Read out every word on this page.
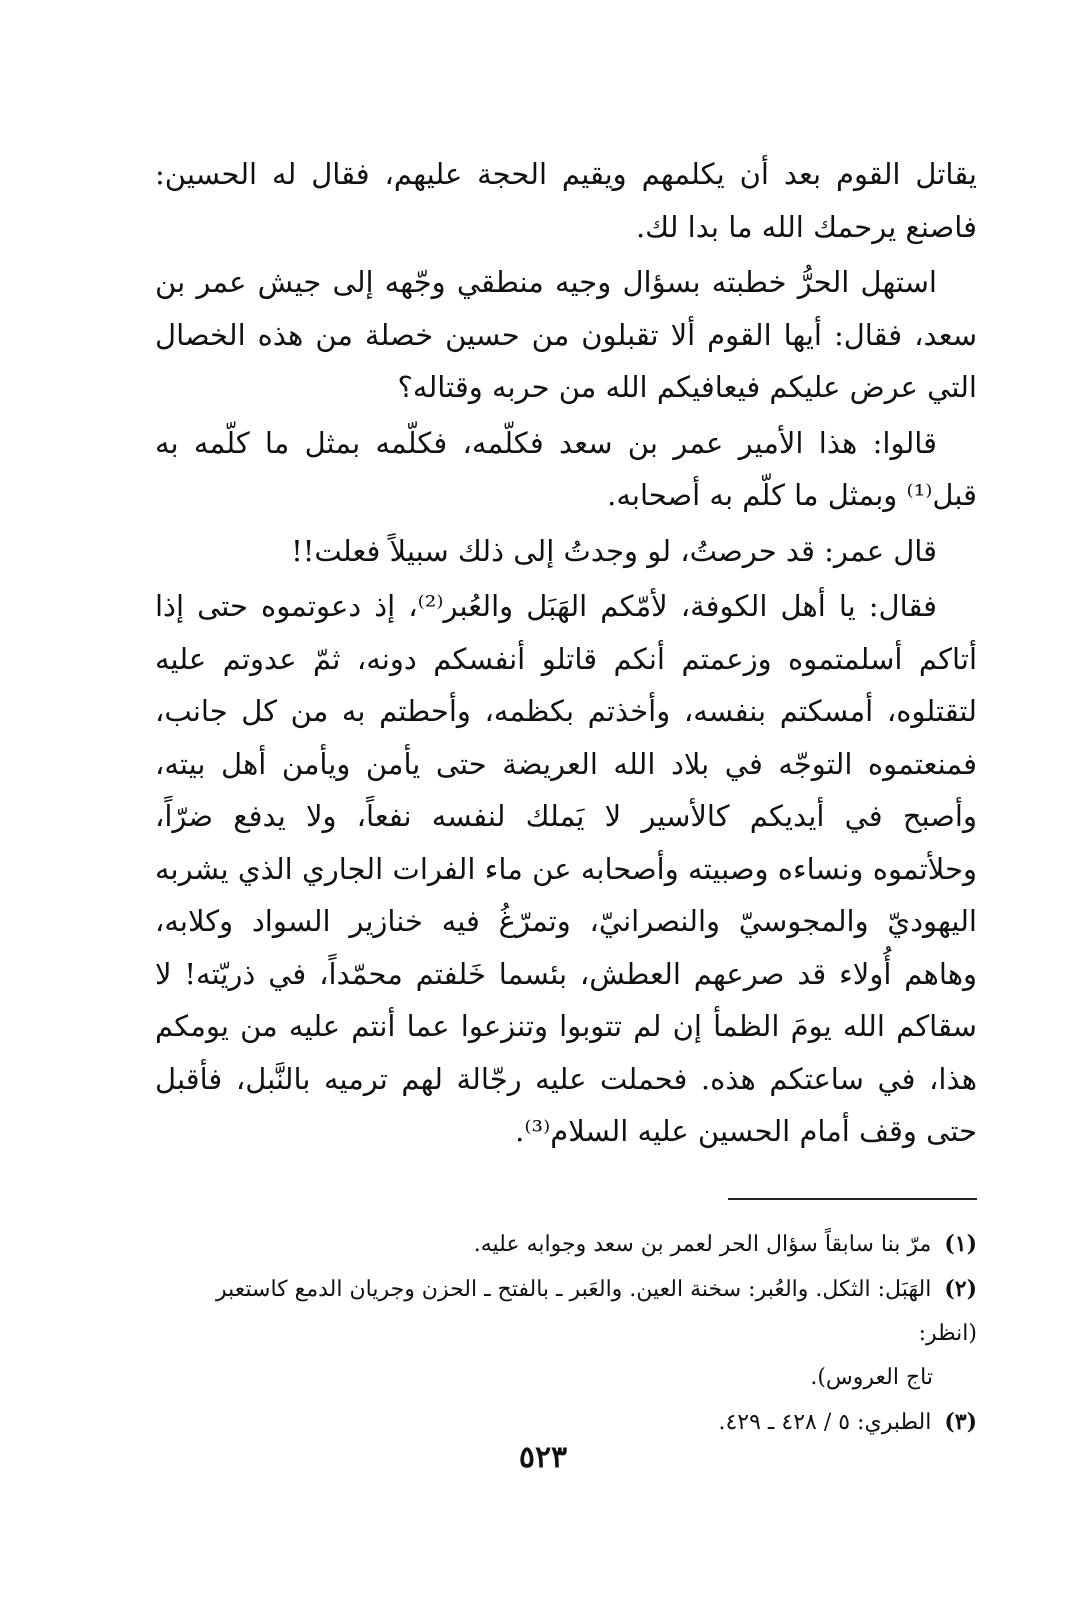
يقاتل القوم بعد أن يكلمهم ويقيم الحجة عليهم، فقال له الحسين: فاصنع يرحمك الله ما بدا لك.

استهل الحرُّ خطبته بسؤال وجيه منطقي وجّهه إلى جيش عمر بن سعد، فقال: أيها القوم ألا تقبلون من حسين خصلة من هذه الخصال التي عرض عليكم فيعافيكم الله من حربه وقتاله؟

قالوا: هذا الأمير عمر بن سعد فكلّمه، فكلّمه بمثل ما كلّمه به قبل⁽¹⁾ وبمثل ما كلّم به أصحابه.

قال عمر: قد حرصتُ، لو وجدتُ إلى ذلك سبيلاً فعلت!!

فقال: يا أهل الكوفة، لأمّكم الهَبَل والعُبر⁽²⁾، إذ دعوتموه حتى إذا أتاكم أسلمتموه وزعمتم أنكم قاتلو أنفسكم دونه، ثمّ عدوتم عليه لتقتلوه، أمسكتم بنفسه، وأخذتم بكظمه، وأحطتم به من كل جانب، فمنعتموه التوجّه في بلاد الله العريضة حتى يأمن ويأمن أهل بيته، وأصبح في أيديكم كالأسير لا يَملك لنفسه نفعاً، ولا يدفع ضرّاً، وحلأتموه ونساءه وصبيته وأصحابه عن ماء الفرات الجاري الذي يشربه اليهوديّ والمجوسيّ والنصرانيّ، وتمرّغُ فيه خنازير السواد وكلابه، وهاهم أُولاء قد صرعهم العطش، بئسما خَلفتم محمّداً، في ذريّته! لا سقاكم الله يومَ الظمأ إن لم تتوبوا وتنزعوا عما أنتم عليه من يومكم هذا، في ساعتكم هذه. فحملت عليه رجّالة لهم ترميه بالنَّبل، فأقبل حتى وقف أمام الحسين عليه السلام⁽³⁾.

(١) مرّ بنا سابقاً سؤال الحر لعمر بن سعد وجوابه عليه.

(٢) الهَبَل: الثكل. والعُبر: سخنة العين. والعَبر ـ بالفتح ـ الحزن وجريان الدمع كاستعبر (انظر:

تاج العروس).

(٣) الطبري: ٥ / ٤٢٨ ـ ٤٢٩.

٥٢٣
